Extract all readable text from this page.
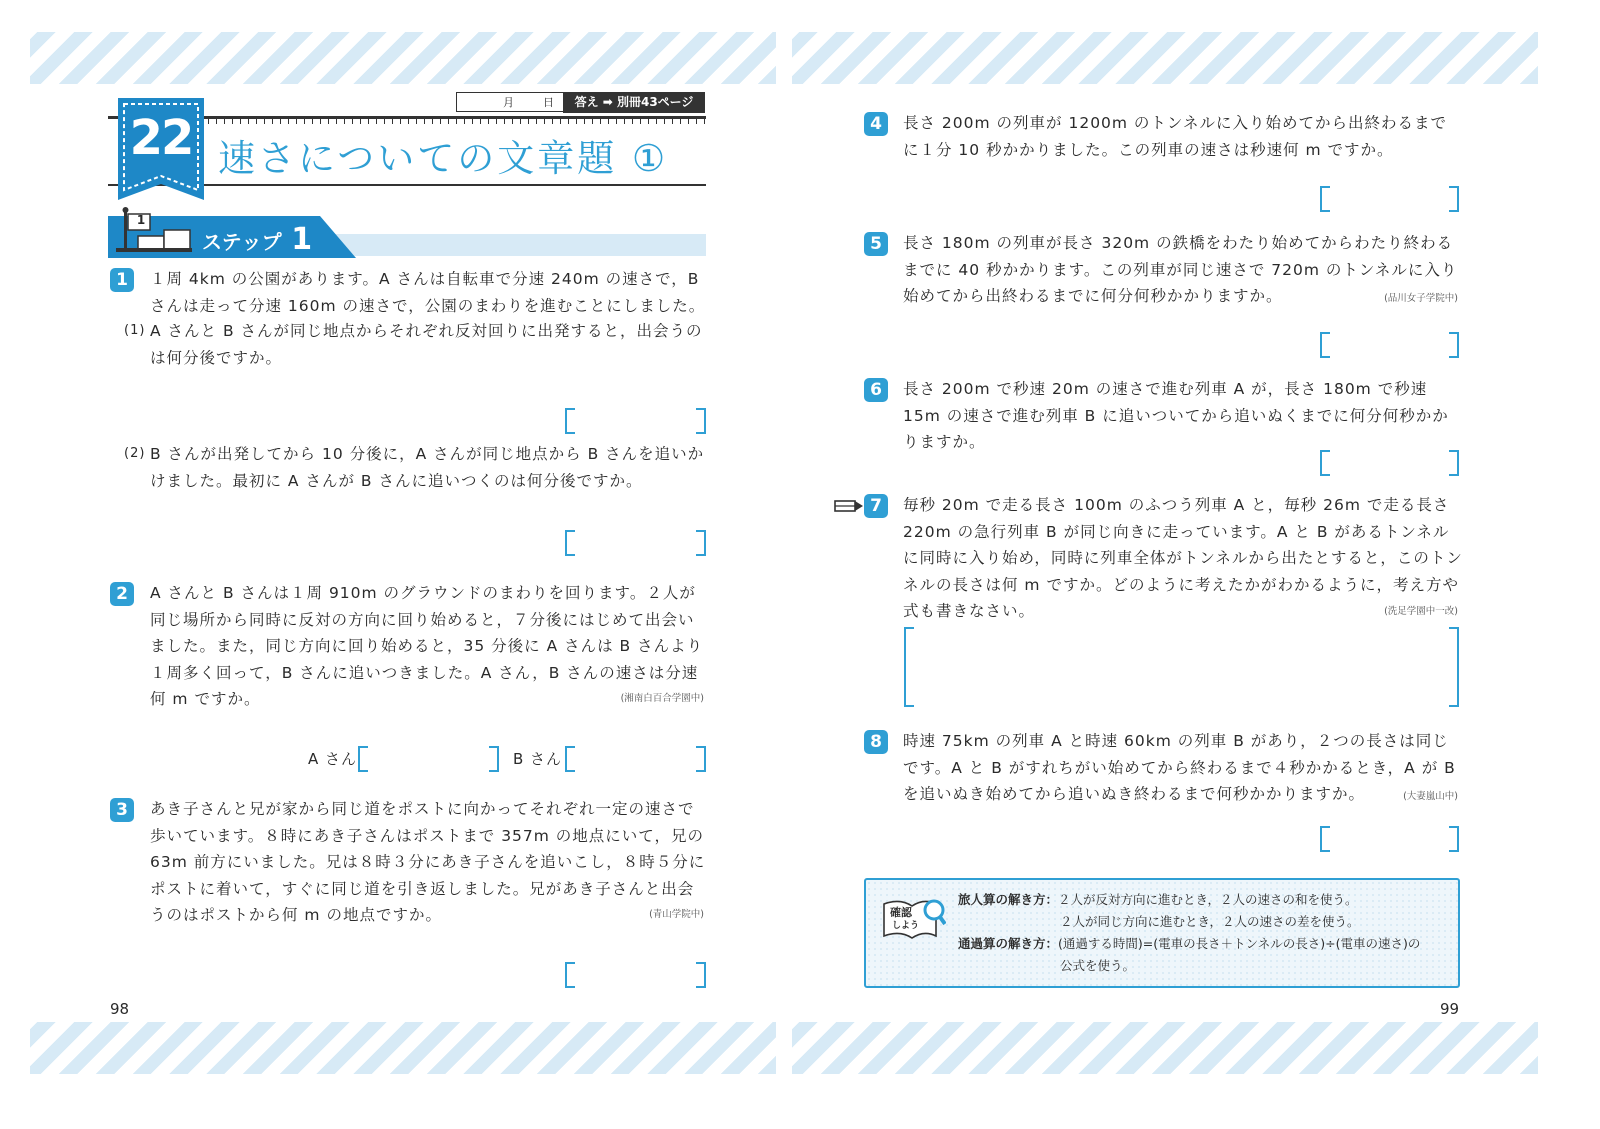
月	日	答え ➡ 別冊43ページ
22 速さについての文章題 ①
1
ステップ 1
1	１周 4km の公園があります。A さんは自転車で分速 240m の速さで，B さんは走って分速 160m の速さで，公園のまわりを進むことにしました。
(1) A さんと B さんが同じ地点からそれぞれ反対回りに出発すると，出会うのは何分後ですか。
(2) B さんが出発してから 10 分後に，A さんが同じ地点から B さんを追いかけました。最初に A さんが B さんに追いつくのは何分後ですか。
2	A さんと B さんは１周 910m のグラウンドのまわりを回ります。２人が同じ場所から同時に反対の方向に回り始めると，７分後にはじめて出会いました。また，同じ方向に回り始めると，35 分後に A さんは B さんより１周多く回って，B さんに追いつきました。A さん，B さんの速さは分速何 m ですか。	(湘南白百合学園中)
A さん	B さん
3	あき子さんと兄が家から同じ道をポストに向かってそれぞれ一定の速さで歩いています。８時にあき子さんはポストまで 357m の地点にいて，兄の 63m 前方にいました。兄は８時３分にあき子さんを追いこし，８時５分にポストに着いて，すぐに同じ道を引き返しました。兄があき子さんと出会うのはポストから何 m の地点ですか。	(青山学院中)
98
4	長さ 200m の列車が 1200m のトンネルに入り始めてから出終わるまでに１分 10 秒かかりました。この列車の速さは秒速何 m ですか。
5	長さ 180m の列車が長さ 320m の鉄橋をわたり始めてからわたり終わるまでに 40 秒かかります。この列車が同じ速さで 720m のトンネルに入り始めてから出終わるまでに何分何秒かかりますか。	(品川女子学院中)
6	長さ 200m で秒速 20m の速さで進む列車 A が，長さ 180m で秒速 15m の速さで進む列車 B に追いついてから追いぬくまでに何分何秒かかりますか。
7	毎秒 20m で走る長さ 100m のふつう列車 A と，毎秒 26m で走る長さ 220m の急行列車 B が同じ向きに走っています。A と B があるトンネルに同時に入り始め，同時に列車全体がトンネルから出たとすると，このトンネルの長さは何 m ですか。どのように考えたかがわかるように，考え方や式も書きなさい。	(洗足学園中一改)
8	時速 75km の列車 A と時速 60km の列車 B があり，２つの長さは同じです。A と B がすれちがい始めてから終わるまで４秒かかるとき，A が B を追いぬき始めてから追いぬき終わるまで何秒かかりますか。	(大妻嵐山中)
確認
しよう
旅人算の解き方：２人が反対方向に進むとき，２人の速さの和を使う。
２人が同じ方向に進むとき，２人の速さの差を使う。
通過算の解き方：(通過する時間)=(電車の長さ＋トンネルの長さ)÷(電車の速さ)の
公式を使う。
99
